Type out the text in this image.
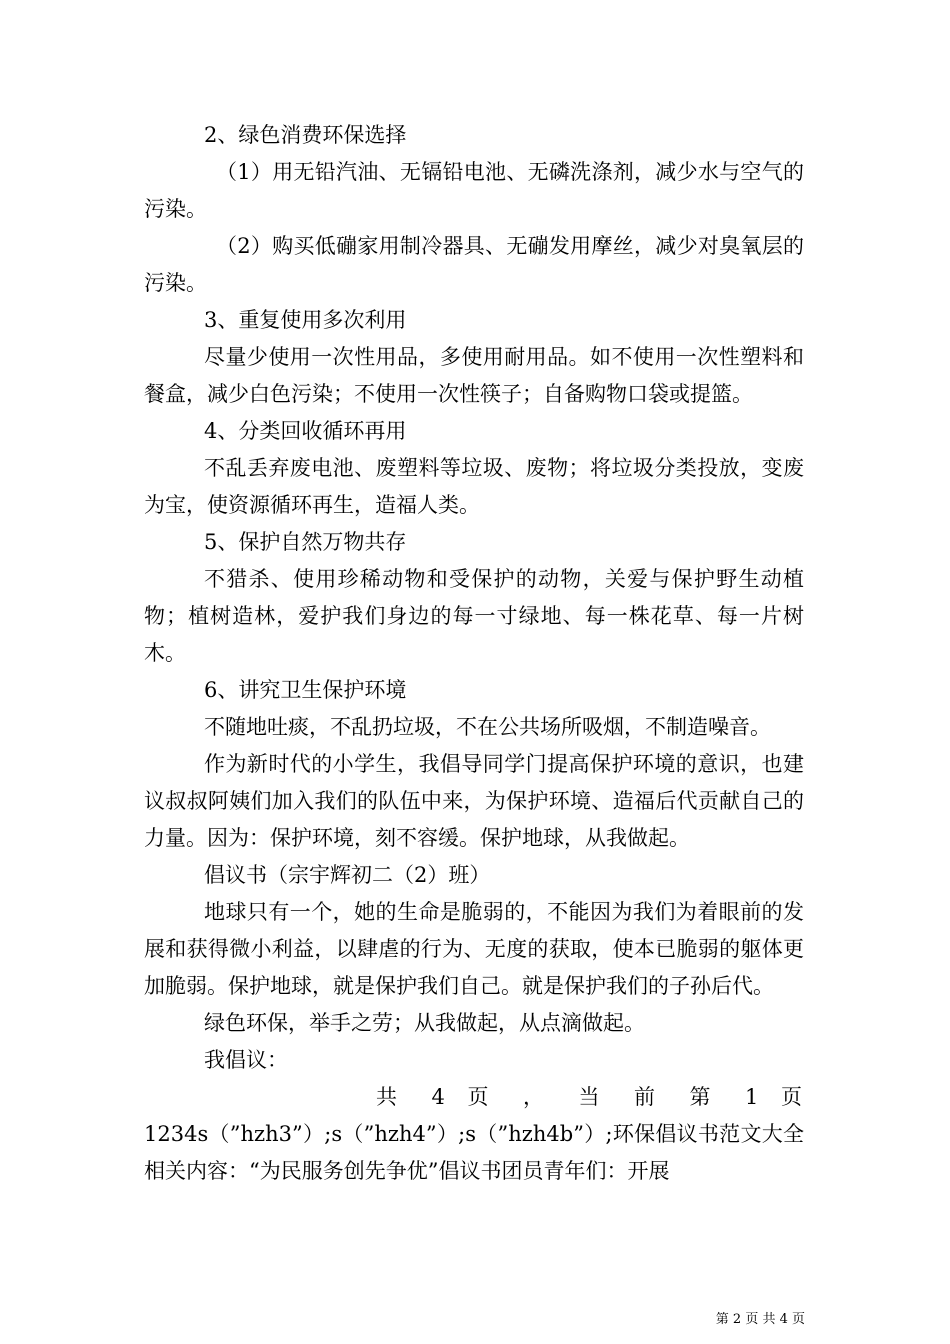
2、绿色消费环保选择

（1）用无铅汽油、无镉铅电池、无磷洗涤剂，减少水与空气的污染。

（2）购买低磞家用制冷器具、无磞发用摩丝，减少对臭氧层的污染。

3、重复使用多次利用

尽量少使用一次性用品，多使用耐用品。如不使用一次性塑料和餐盒，减少白色污染；不使用一次性筷子；自备购物口袋或提篮。

4、分类回收循环再用

不乱丢弃废电池、废塑料等垃圾、废物；将垃圾分类投放，变废为宝，使资源循环再生，造福人类。

5、保护自然万物共存

不猎杀、使用珍稀动物和受保护的动物，关爱与保护野生动植物；植树造林，爱护我们身边的每一寸绿地、每一株花草、每一片树木。

6、讲究卫生保护环境

不随地吐痰，不乱扔垃圾，不在公共场所吸烟，不制造噪音。

作为新时代的小学生，我倡导同学门提高保护环境的意识，也建议叔叔阿姨们加入我们的队伍中来，为保护环境、造福后代贡献自己的力量。因为：保护环境，刻不容缓。保护地球，从我做起。

倡议书（宗宇辉初二（2）班）

地球只有一个，她的生命是脆弱的，不能因为我们为着眼前的发展和获得微小利益，以肆虐的行为、无度的获取，使本已脆弱的躯体更加脆弱。保护地球，就是保护我们自己。就是保护我们的子孙后代。

绿色环保，举手之劳；从我做起，从点滴做起。

我倡议：

共 4 页 ， 当 前 第 1 页

1234s（”hzh3”）;s（”hzh4”）;s（”hzh4b”）;环保倡议书范文大全相关内容：“为民服务创先争优”倡议书团员青年们：开展

第 2 页 共 4 页
